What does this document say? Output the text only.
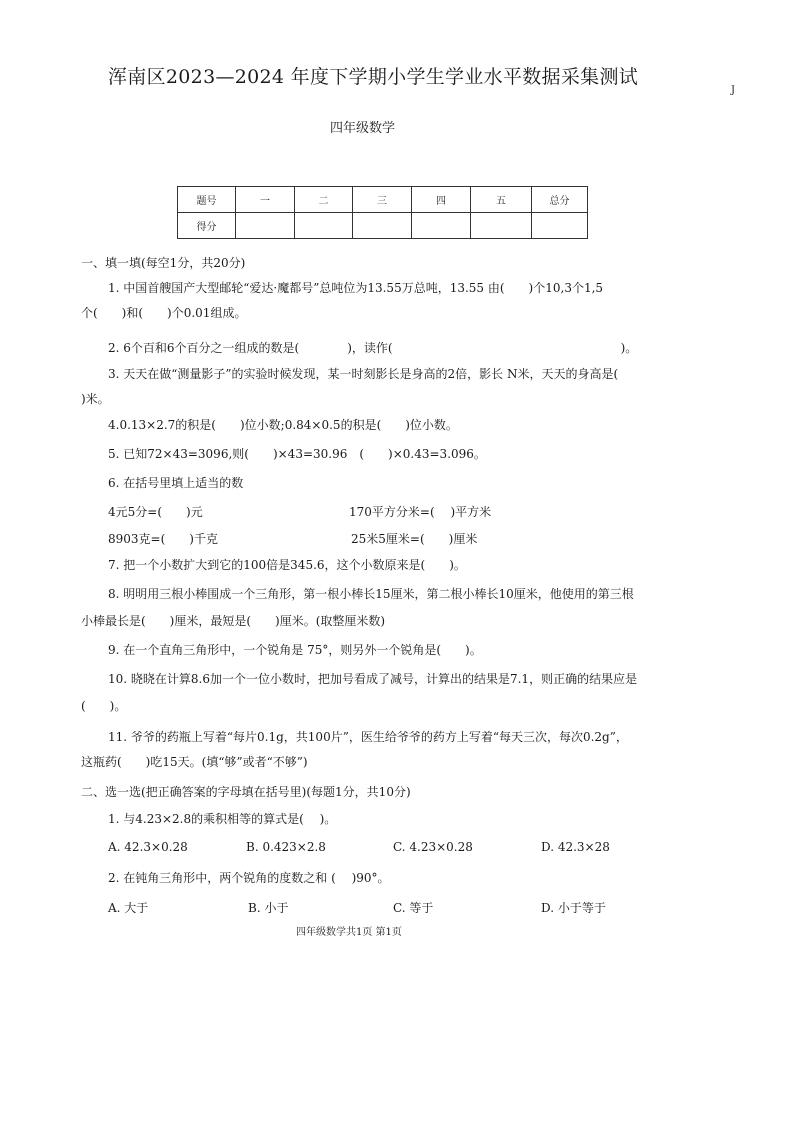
浑南区2023—2024 年度下学期小学生学业水平数据采集测试
J
四年级数学
题号	一	二	三	四	五	总分
得分						
一、填一填(每空1分，共20分)
1. 中国首艘国产大型邮轮“爱达·魔都号”总吨位为13.55万总吨，13.55 由(　　)个10,3个1,5
个(　　)和(　　)个0.01组成。
2. 6个百和6个百分之一组成的数是(　　　　)，读作(　　　　　　　　　　　　　　　　　　　)。
3. 天天在做“测量影子”的实验时候发现，某一时刻影长是身高的2倍，影长 N米，天天的身高是(
)米。
4.0.13×2.7的积是(　　)位小数;0.84×0.5的积是(　　)位小数。
5. 已知72×43=3096,则(　　)×43=30.96　(　　)×0.43=3.096。
6. 在括号里填上适当的数
4元5分=(　　)元	170平方分米=(　 )平方米
8903克=(　　)千克	25米5厘米=(　　)厘米
7. 把一个小数扩大到它的100倍是345.6，这个小数原来是(　　)。
8. 明明用三根小棒围成一个三角形，第一根小棒长15厘米，第二根小棒长10厘米，他使用的第三根
小棒最长是(　　)厘米，最短是(　　)厘米。(取整厘米数)
9. 在一个直角三角形中，一个锐角是 75°，则另外一个锐角是(　　)。
10. 晓晓在计算8.6加一个一位小数时，把加号看成了减号，计算出的结果是7.1，则正确的结果应是
(　　)。
11. 爷爷的药瓶上写着“每片0.1g，共100片”，医生给爷爷的药方上写着“每天三次，每次0.2g”，
这瓶药(　　)吃15天。(填“够”或者“不够”)
二、选一选(把正确答案的字母填在括号里)(每题1分，共10分)
1. 与4.23×2.8的乘积相等的算式是(　 )。
A. 42.3×0.28	B. 0.423×2.8	C. 4.23×0.28	D. 42.3×28
2. 在钝角三角形中，两个锐角的度数之和 (　 )90°。
A. 大于	B. 小于	C. 等于	D. 小于等于
四年级数学共1页 第1页
